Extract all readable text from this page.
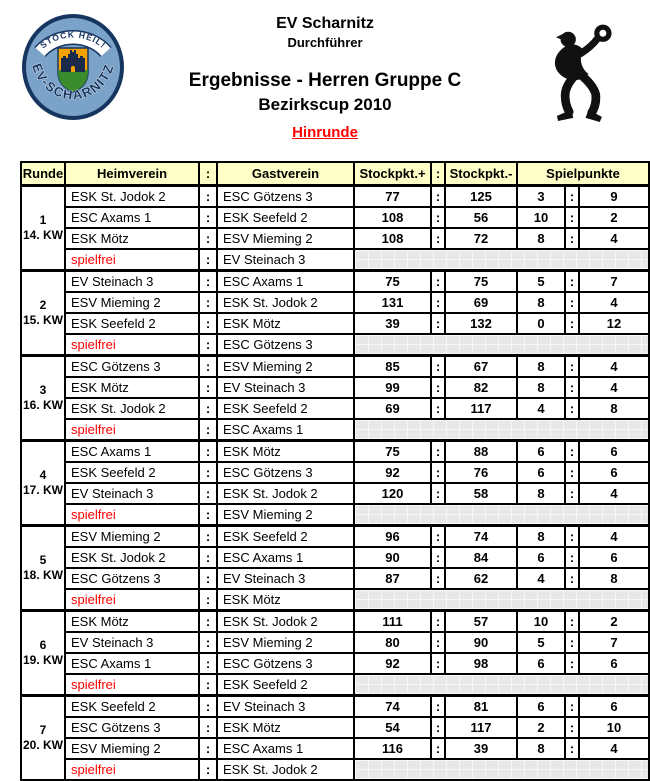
STOCK HEIL!
EV-SCHARNITZ
EV Scharnitz
Durchführer
Ergebnisse - Herren Gruppe C
Bezirkscup 2010
Hinrunde
Runde	Heimverein	:	Gastverein	Stockpkt.+	:	Stockpkt.-	Spielpunkte		

1
14. KW	ESK St. Jodok 2	:	ESC Götzens 3	77	:	125	3	:	9
	ESC Axams 1	:	ESK Seefeld 2	108	:	56	10	:	2
	ESK Mötz	:	ESV Mieming 2	108	:	72	8	:	4
	spielfrei	:	EV Steinach 3						

2
15. KW	EV Steinach 3	:	ESC Axams 1	75	:	75	5	:	7
	ESV Mieming 2	:	ESK St. Jodok 2	131	:	69	8	:	4
	ESK Seefeld 2	:	ESK Mötz	39	:	132	0	:	12
	spielfrei	:	ESC Götzens 3						

3
16. KW	ESC Götzens 3	:	ESV Mieming 2	85	:	67	8	:	4
	ESK Mötz	:	EV Steinach 3	99	:	82	8	:	4
	ESK St. Jodok 2	:	ESK Seefeld 2	69	:	117	4	:	8
	spielfrei	:	ESC Axams 1						

4
17. KW	ESC Axams 1	:	ESK Mötz	75	:	88	6	:	6
	ESK Seefeld 2	:	ESC Götzens 3	92	:	76	6	:	6
	EV Steinach 3	:	ESK St. Jodok 2	120	:	58	8	:	4
	spielfrei	:	ESV Mieming 2						

5
18. KW	ESV Mieming 2	:	ESK Seefeld 2	96	:	74	8	:	4
	ESK St. Jodok 2	:	ESC Axams 1	90	:	84	6	:	6
	ESC Götzens 3	:	EV Steinach 3	87	:	62	4	:	8
	spielfrei	:	ESK Mötz						

6
19. KW	ESK Mötz	:	ESK St. Jodok 2	111	:	57	10	:	2
	EV Steinach 3	:	ESV Mieming 2	80	:	90	5	:	7
	ESC Axams 1	:	ESC Götzens 3	92	:	98	6	:	6
	spielfrei	:	ESK Seefeld 2						

7
20. KW	ESK Seefeld 2	:	EV Steinach 3	74	:	81	6	:	6
	ESC Götzens 3	:	ESK Mötz	54	:	117	2	:	10
	ESV Mieming 2	:	ESC Axams 1	116	:	39	8	:	4
	spielfrei	:	ESK St. Jodok 2						
